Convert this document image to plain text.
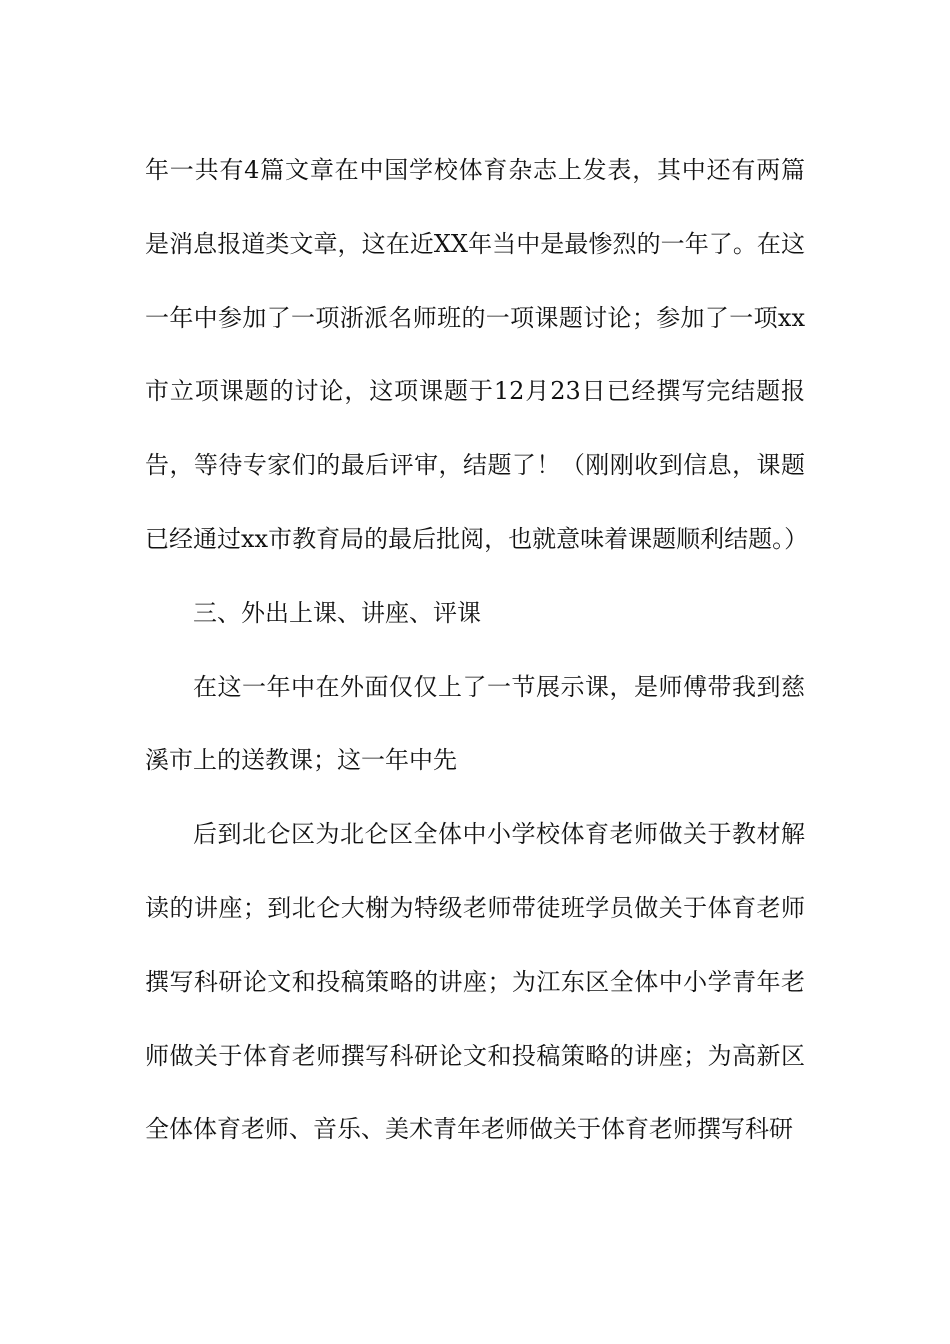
年一共有4篇文章在中国学校体育杂志上发表，其中还有两篇是消息报道类文章，这在近XX年当中是最惨烈的一年了。在这一年中参加了一项浙派名师班的一项课题讨论；参加了一项xx市立项课题的讨论，这项课题于12月23日已经撰写完结题报告，等待专家们的最后评审，结题了！（刚刚收到信息，课题已经通过xx市教育局的最后批阅，也就意味着课题顺利结题。）

三、外出上课、讲座、评课

在这一年中在外面仅仅上了一节展示课，是师傅带我到慈溪市上的送教课；这一年中先

后到北仑区为北仑区全体中小学校体育老师做关于教材解读的讲座；到北仑大榭为特级老师带徒班学员做关于体育老师撰写科研论文和投稿策略的讲座；为江东区全体中小学青年老师做关于体育老师撰写科研论文和投稿策略的讲座；为高新区全体体育老师、音乐、美术青年老师做关于体育老师撰写科研
